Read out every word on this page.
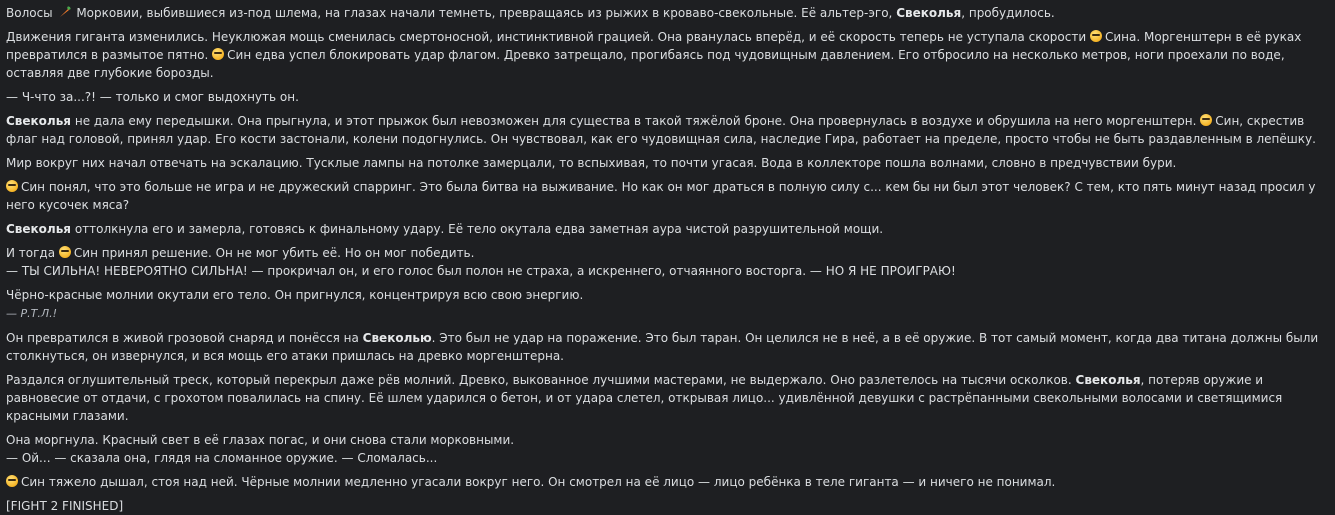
Волосы Морковии, выбившиеся из-под шлема, на глазах начали темнеть, превращаясь из рыжих в кроваво-свекольные. Её альтер-эго, Свеколья, пробудилось.
Движения гиганта изменились. Неуклюжая мощь сменилась смертоносной, инстинктивной грацией. Она рванулась вперёд, и её скорость теперь не уступала скорости Сина. Моргенштерн в её руках превратился в размытое пятно. Син едва успел блокировать удар флагом. Древко затрещало, прогибаясь под чудовищным давлением. Его отбросило на несколько метров, ноги проехали по воде, оставляя две глубокие борозды.
— Ч-что за...?! — только и смог выдохнуть он.
Свеколья не дала ему передышки. Она прыгнула, и этот прыжок был невозможен для существа в такой тяжёлой броне. Она провернулась в воздухе и обрушила на него моргенштерн. Син, скрестив флаг над головой, принял удар. Его кости застонали, колени подогнулись. Он чувствовал, как его чудовищная сила, наследие Гира, работает на пределе, просто чтобы не быть раздавленным в лепёшку.
Мир вокруг них начал отвечать на эскалацию. Тусклые лампы на потолке замерцали, то вспыхивая, то почти угасая. Вода в коллекторе пошла волнами, словно в предчувствии бури.
Син понял, что это больше не игра и не дружеский спарринг. Это была битва на выживание. Но как он мог драться в полную силу с... кем бы ни был этот человек? С тем, кто пять минут назад просил у него кусочек мяса?
Свеколья оттолкнула его и замерла, готовясь к финальному удару. Её тело окутала едва заметная аура чистой разрушительной мощи.
И тогда Син принял решение. Он не мог убить её. Но он мог победить.
— ТЫ СИЛЬНА! НЕВЕРОЯТНО СИЛЬНА! — прокричал он, и его голос был полон не страха, а искреннего, отчаянного восторга. — НО Я НЕ ПРОИГРАЮ!
Чёрно-красные молнии окутали его тело. Он пригнулся, концентрируя всю свою энергию.
— Р.Т.Л.!
Он превратился в живой грозовой снаряд и понёсся на Свеколью. Это был не удар на поражение. Это был таран. Он целился не в неё, а в её оружие. В тот самый момент, когда два титана должны были столкнуться, он извернулся, и вся мощь его атаки пришлась на древко моргенштерна.
Раздался оглушительный треск, который перекрыл даже рёв молний. Древко, выкованное лучшими мастерами, не выдержало. Оно разлетелось на тысячи осколков. Свеколья, потеряв оружие и равновесие от отдачи, с грохотом повалилась на спину. Её шлем ударился о бетон, и от удара слетел, открывая лицо... удивлённой девушки с растрёпанными свекольными волосами и светящимися красными глазами.
Она моргнула. Красный свет в её глазах погас, и они снова стали морковными.
— Ой... — сказала она, глядя на сломанное оружие. — Сломалась...
Син тяжело дышал, стоя над ней. Чёрные молнии медленно угасали вокруг него. Он смотрел на её лицо — лицо ребёнка в теле гиганта — и ничего не понимал.
[FIGHT 2 FINISHED]
